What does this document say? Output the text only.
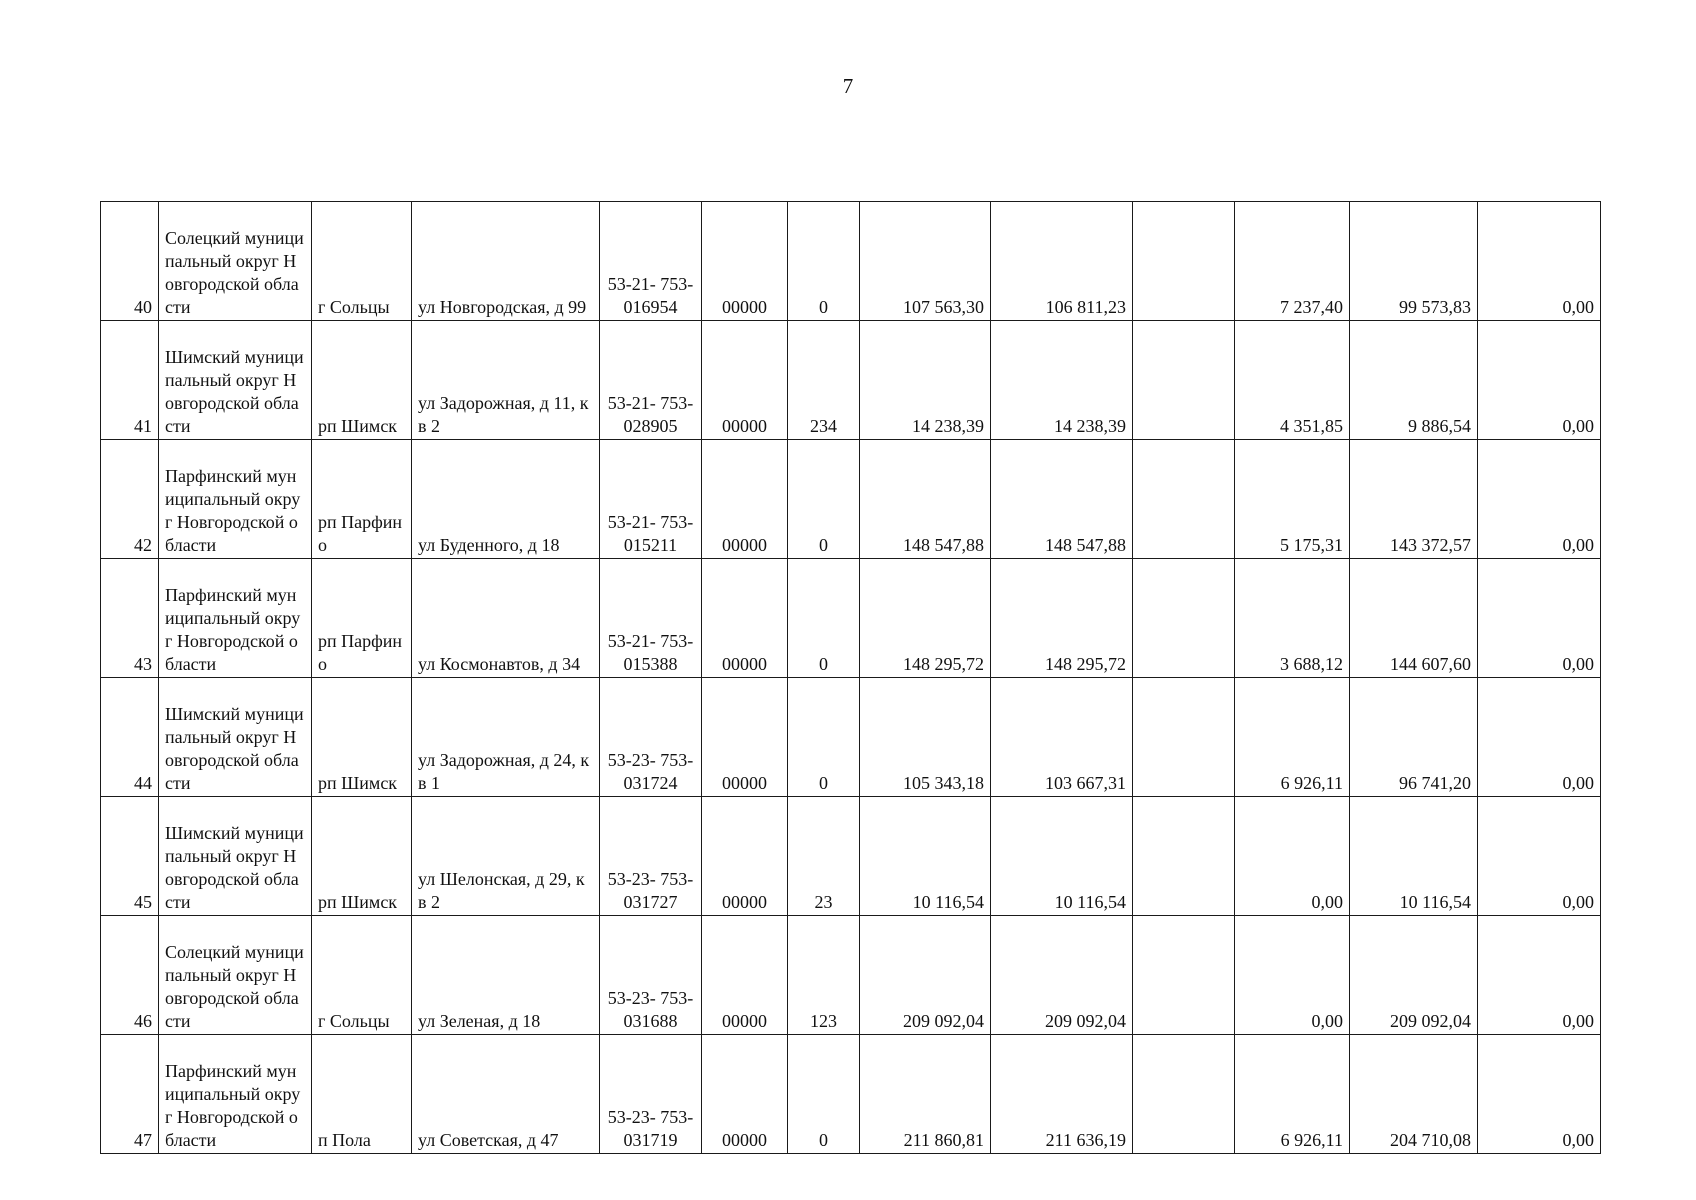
7
40	Солецкий муниципальный округ Новгородской области	г Сольцы	ул Новгородская, д 99	53-21- 753- 016954	00000	0	107 563,30	106 811,23		7 237,40	99 573,83	0,00
41	Шимский муниципальный округ Новгородской области	рп Шимск	ул Задорожная, д 11, кв 2	53-21- 753- 028905	00000	234	14 238,39	14 238,39		4 351,85	9 886,54	0,00
42	Парфинский муниципальный округ Новгородской области	рп Парфино	ул Буденного, д 18	53-21- 753- 015211	00000	0	148 547,88	148 547,88		5 175,31	143 372,57	0,00
43	Парфинский муниципальный округ Новгородской области	рп Парфино	ул Космонавтов, д 34	53-21- 753- 015388	00000	0	148 295,72	148 295,72		3 688,12	144 607,60	0,00
44	Шимский муниципальный округ Новгородской области	рп Шимск	ул Задорожная, д 24, кв 1	53-23- 753- 031724	00000	0	105 343,18	103 667,31		6 926,11	96 741,20	0,00
45	Шимский муниципальный округ Новгородской области	рп Шимск	ул Шелонская, д 29, кв 2	53-23- 753- 031727	00000	23	10 116,54	10 116,54		0,00	10 116,54	0,00
46	Солецкий муниципальный округ Новгородской области	г Сольцы	ул Зеленая, д 18	53-23- 753- 031688	00000	123	209 092,04	209 092,04		0,00	209 092,04	0,00
47	Парфинский муниципальный округ Новгородской области	п Пола	ул Советская, д 47	53-23- 753- 031719	00000	0	211 860,81	211 636,19		6 926,11	204 710,08	0,00
